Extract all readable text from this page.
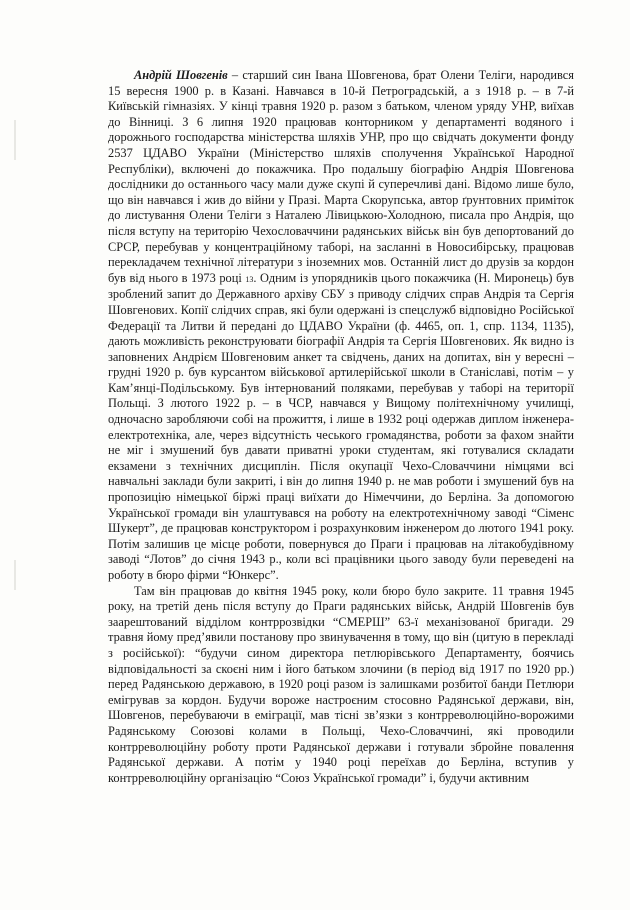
Андрій Шовгенів – старший син Івана Шовгенова, брат Олени Теліги, народився 15 вересня 1900 р. в Казані. Навчався в 10-й Петроградській, а з 1918 р. – в 7-й Київській гімназіях. У кінці травня 1920 р. разом з батьком, членом уряду УНР, виїхав до Вінниці. З 6 липня 1920 працював конторником у департаменті водяного і дорожнього господарства міністерства шляхів УНР, про що свідчать документи фонду 2537 ЦДАВО України (Міністерство шляхів сполучення Української Народної Республіки), включені до покажчика. Про подальшу біографію Андрія Шовгенова дослідники до останнього часу мали дуже скупі й суперечливі дані. Відомо лише було, що він навчався і жив до війни у Празі. Марта Скорупська, автор ґрунтовних приміток до листування Олени Теліги з Наталею Лівицькою-Холодною, писала про Андрія, що після вступу на територію Чехословаччини радянських військ він був депортований до СРСР, перебував у концентраційному таборі, на засланні в Новосибірську, працював перекладачем технічної літератури з іноземних мов. Останній лист до друзів за кордон був від нього в 1973 році 13. Одним із упорядників цього покажчика (Н. Миронець) був зроблений запит до Державного архіву СБУ з приводу слідчих справ Андрія та Сергія Шовгенових. Копії слідчих справ, які були одержані із спецслужб відповідно Російської Федерації та Литви й передані до ЦДАВО України (ф. 4465, оп. 1, спр. 1134, 1135), дають можливість реконструювати біографії Андрія та Сергія Шовгенових. Як видно із заповнених Андрієм Шовгеновим анкет та свідчень, даних на допитах, він у вересні – грудні 1920 р. був курсантом військової артилерійської школи в Станіславі, потім – у Кам’янці-Подільському. Був інтернований поляками, перебував у таборі на території Польщі. З лютого 1922 р. – в ЧСР, навчався у Вищому політехнічному училищі, одночасно заробляючи собі на прожиття, і лише в 1932 році одержав диплом інженера-електротехніка, але, через відсутність чеського громадянства, роботи за фахом знайти не міг і змушений був давати приватні уроки студентам, які готувалися складати екзамени з технічних дисциплін. Після окупації Чехо-Словаччини німцями всі навчальні заклади були закриті, і він до липня 1940 р. не мав роботи і змушений був на пропозицію німецької біржі праці виїхати до Німеччини, до Берліна. За допомогою Української громади він улаштувався на роботу на електротехнічному заводі “Сіменс Шукерт”, де працював конструктором і розрахунковим інженером до лютого 1941 року. Потім залишив це місце роботи, повернувся до Праги і працював на літакобудівному заводі “Лотов” до січня 1943 р., коли всі працівники цього заводу були переведені на роботу в бюро фірми “Юнкерс”.

Там він працював до квітня 1945 року, коли бюро було закрите. 11 травня 1945 року, на третій день після вступу до Праги радянських військ, Андрій Шовгенів був заарештований відділом контррозвідки “СМЕРШ” 63-ї механізованої бригади. 29 травня йому пред’явили постанову про звинувачення в тому, що він (цитую в перекладі з російської): “будучи сином директора петлюрівського Департаменту, боячись відповідальності за скоєні ним і його батьком злочини (в період від 1917 по 1920 рр.) перед Радянською державою, в 1920 році разом із залишками розбитої банди Петлюри емігрував за кордон. Будучи вороже настроєним стосовно Радянської держави, він, Шовгенов, перебуваючи в еміграції, мав тісні зв’язки з контрреволюційно-ворожими Радянському Союзові колами в Польщі, Чехо-Словаччині, які проводили контрреволюційну роботу проти Радянської держави і готували збройне повалення Радянської держави. А потім у 1940 році переїхав до Берліна, вступив у контрреволюційну організацію “Союз Української громади” і, будучи активним
